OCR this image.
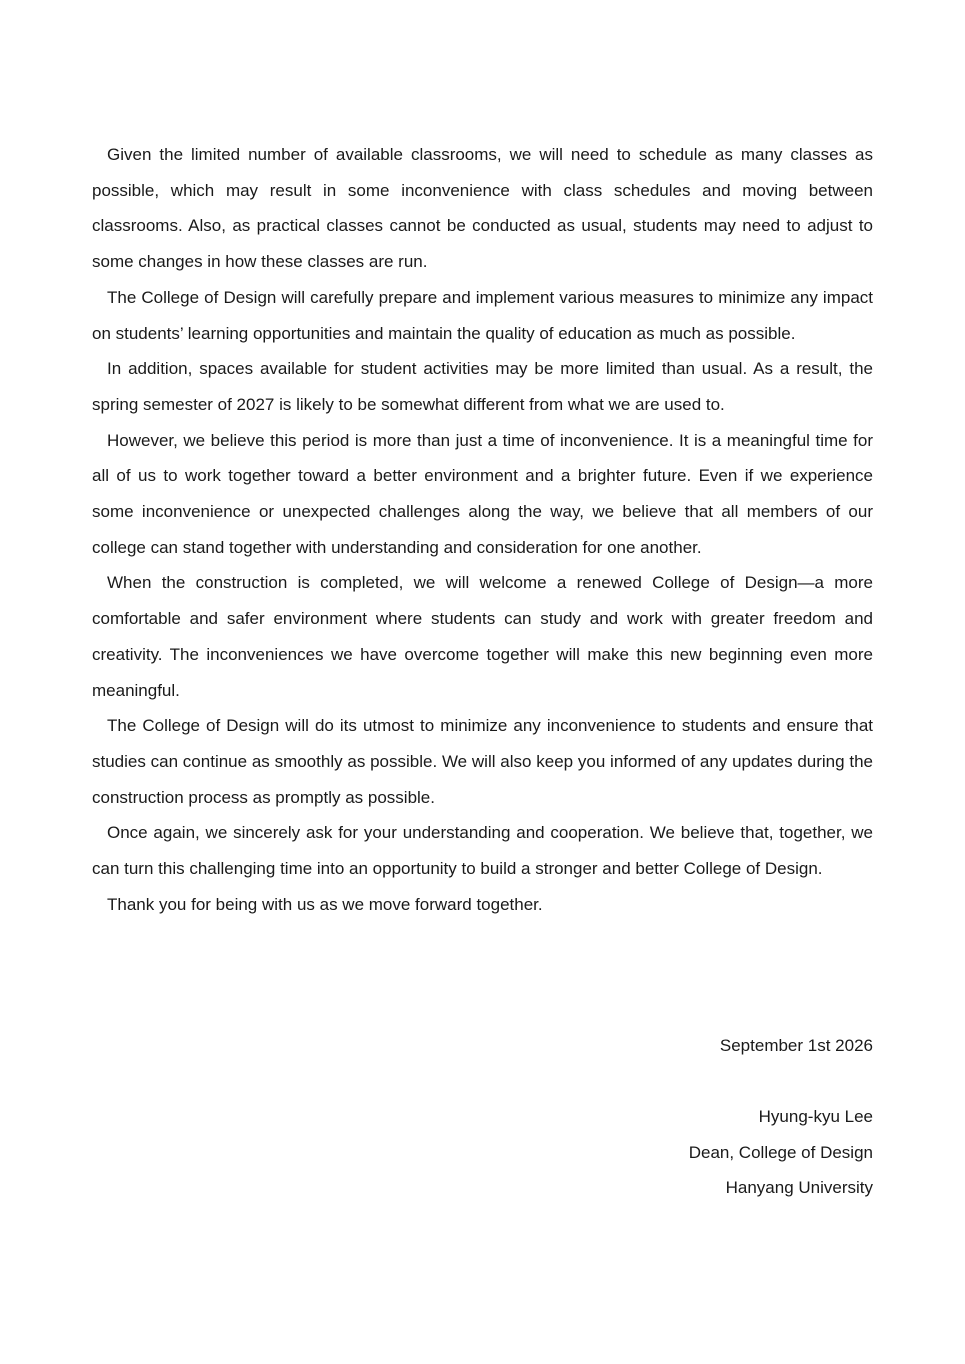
Given the limited number of available classrooms, we will need to schedule as many classes as possible, which may result in some inconvenience with class schedules and moving between classrooms. Also, as practical classes cannot be conducted as usual, students may need to adjust to some changes in how these classes are run.

The College of Design will carefully prepare and implement various measures to minimize any impact on students’ learning opportunities and maintain the quality of education as much as possible.

In addition, spaces available for student activities may be more limited than usual. As a result, the spring semester of 2027 is likely to be somewhat different from what we are used to.

However, we believe this period is more than just a time of inconvenience. It is a meaningful time for all of us to work together toward a better environment and a brighter future. Even if we experience some inconvenience or unexpected challenges along the way, we believe that all members of our college can stand together with understanding and consideration for one another.

When the construction is completed, we will welcome a renewed College of Design—a more comfortable and safer environment where students can study and work with greater freedom and creativity. The inconveniences we have overcome together will make this new beginning even more meaningful.

The College of Design will do its utmost to minimize any inconvenience to students and ensure that studies can continue as smoothly as possible. We will also keep you informed of any updates during the construction process as promptly as possible.

Once again, we sincerely ask for your understanding and cooperation. We believe that, together, we can turn this challenging time into an opportunity to build a stronger and better College of Design.

Thank you for being with us as we move forward together.

September 1st 2026
Hyung-kyu Lee
Dean, College of Design
Hanyang University
